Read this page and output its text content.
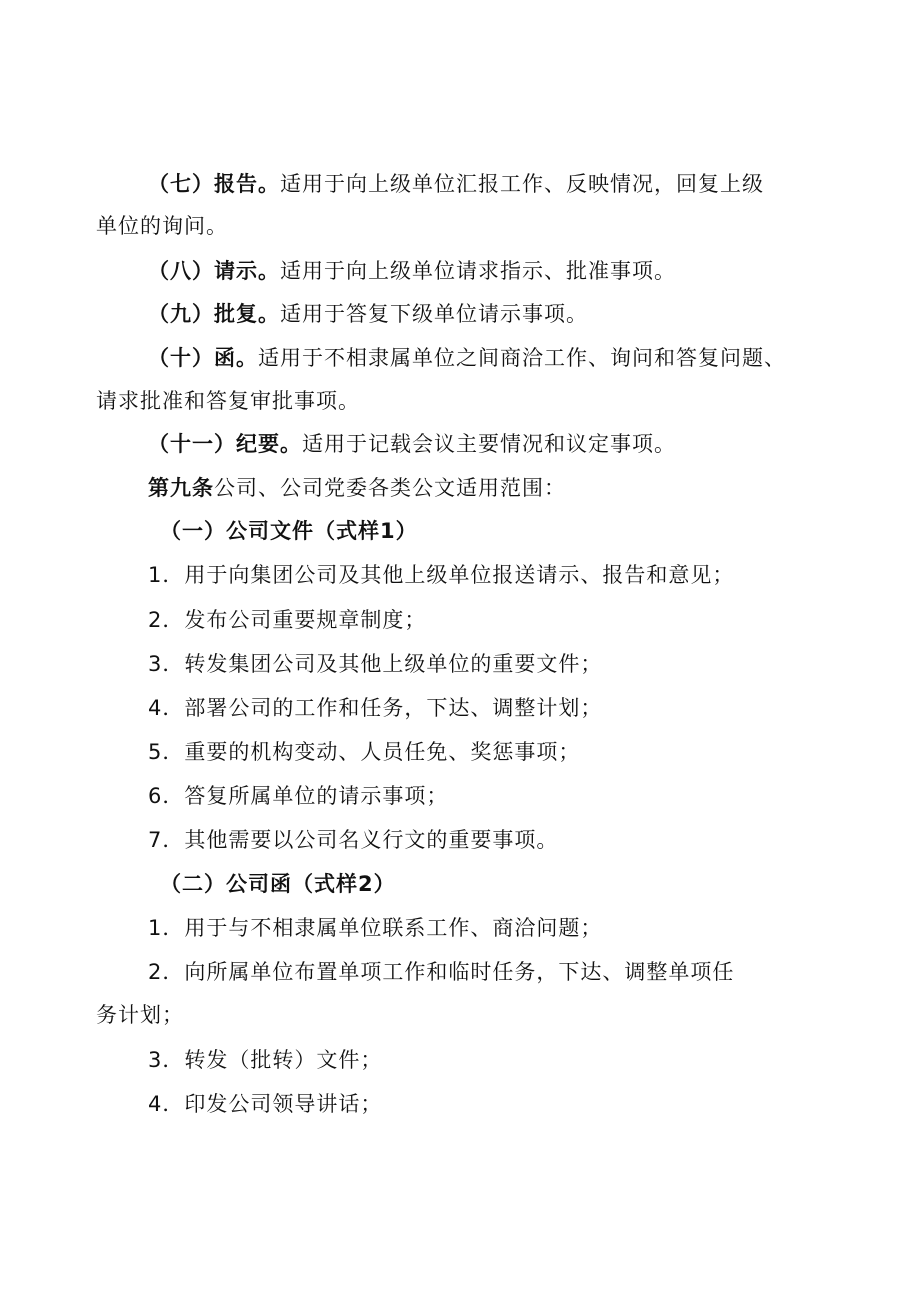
（七）报告。适用于向上级单位汇报工作、反映情况，回复上级
单位的询问。
（八）请示。适用于向上级单位请求指示、批准事项。
（九）批复。适用于答复下级单位请示事项。
（十）函。适用于不相隶属单位之间商洽工作、询问和答复问题、
请求批准和答复审批事项。
（十一）纪要。适用于记载会议主要情况和议定事项。
第九条公司、公司党委各类公文适用范围：
（一）公司文件（式样1）
1．用于向集团公司及其他上级单位报送请示、报告和意见；
2．发布公司重要规章制度；
3．转发集团公司及其他上级单位的重要文件；
4．部署公司的工作和任务，下达、调整计划；
5．重要的机构变动、人员任免、奖惩事项；
6．答复所属单位的请示事项；
7．其他需要以公司名义行文的重要事项。
（二）公司函（式样2）
1．用于与不相隶属单位联系工作、商洽问题；
2．向所属单位布置单项工作和临时任务，下达、调整单项任
务计划；
3．转发（批转）文件；
4．印发公司领导讲话；
